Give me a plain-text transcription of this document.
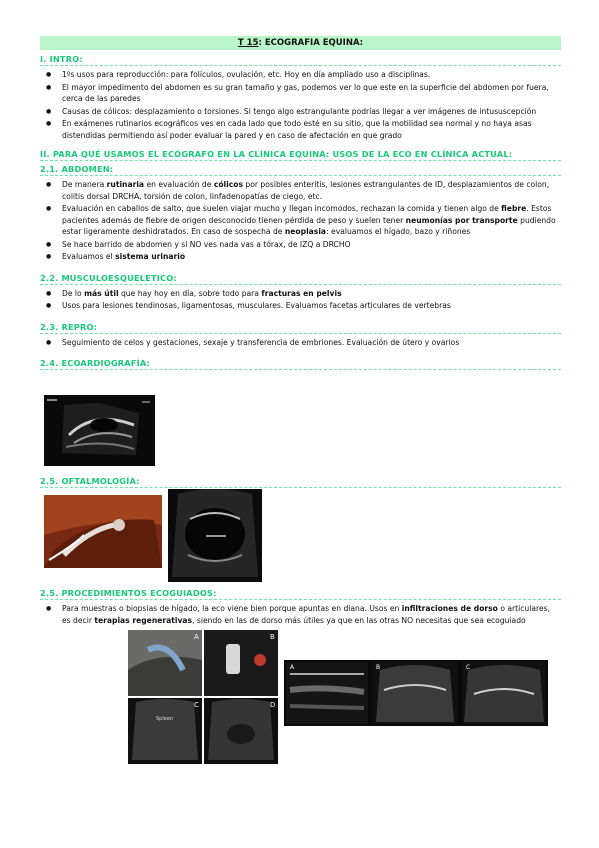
T 15: ECOGRAFIA EQUINA:
I. INTRO:
● 1ºs usos para reproducción: para folículos, ovulación, etc. Hoy en día ampliado uso a disciplinas.
● El mayor impedimento del abdomen es su gran tamaño y gas, podemos ver lo que este en la superficie del abdomen por fuera, cerca de las paredes
● Causas de cólicos: desplazamiento o torsiones. Si tengo algo estrangulante podrías llegar a ver imágenes de intususcepción
● En exámenes rutinarios ecográficos ves en cada lado que todo esté en su sitio, que la motilidad sea normal y no haya asas distendidas permitiendo así poder evaluar la pared y en caso de afectación en que grado
II. PARA QUÉ USAMOS EL ECÓGRAFO EN LA CLÍNICA EQUINA: USOS DE LA ECO EN CLÍNICA ACTUAL:
2.1. ABDOMEN:
● De manera rutinaria en evaluación de cólicos por posibles enteritis, lesiones estrangulantes de ID, desplazamientos de colon, colitis dorsal DRCHA, torsión de colon, linfadenopatías de ciego, etc.
● Evaluación en caballos de salto, que suelen viajar mucho y llegan incomodos, rechazan la comida y tienen algo de fiebre. Estos pacientes además de fiebre de origen desconocido tienen pérdida de peso y suelen tener neumonías por transporte pudiendo estar ligeramente deshidratados. En caso de sospecha de neoplasia: evaluamos el hígado, bazo y riñones
● Se hace barrido de abdomen y si NO ves nada vas a tórax, de IZQ a DRCHO
● Evaluamos el sistema urinario
2.2. MUSCULOESQUELETICO:
● De lo más útil que hay hoy en día, sobre todo para fracturas en pelvis
● Usos para lesiones tendinosas, ligamentosas, musculares. Evaluamos facetas articulares de vertebras
2.3. REPRO:
● Seguimiento de celos y gestaciones, sexaje y transferencia de embriones. Evaluación de útero y ovarios
2.4. ECOARDIOGRAFÍA:
2.5. OFTALMOLOGÍA:
2.5. PROCEDIMIENTOS ECOGUIADOS:
● Para muestras o biopsias de hígado, la eco viene bien porque apuntas en diana. Usos en infiltraciones de dorso o articulares, es decir terapias regenerativas, siendo en las de dorso más útiles ya que en las otras NO necesitas que sea ecoguiado
A	B
C	D
Spleen
A	B	C
